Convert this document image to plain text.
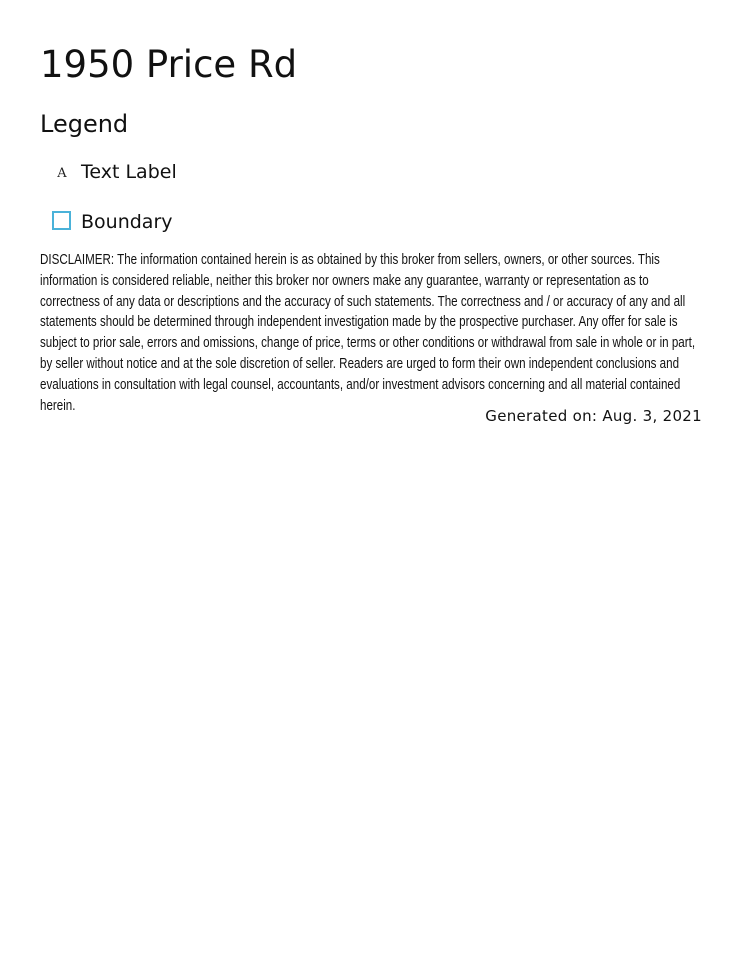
1950 Price Rd
Legend
A Text Label
Boundary

DISCLAIMER: The information contained herein is as obtained by this broker from sellers, owners, or other sources. This information is considered reliable, neither this broker nor owners make any guarantee, warranty or representation as to correctness of any data or descriptions and the accuracy of such statements. The correctness and / or accuracy of any and all statements should be determined through independent investigation made by the prospective purchaser. Any offer for sale is subject to prior sale, errors and omissions, change of price, terms or other conditions or withdrawal from sale in whole or in part, by seller without notice and at the sole discretion of seller. Readers are urged to form their own independent conclusions and evaluations in consultation with legal counsel, accountants, and/or investment advisors concerning and all material contained herein.

Generated on: Aug. 3, 2021
